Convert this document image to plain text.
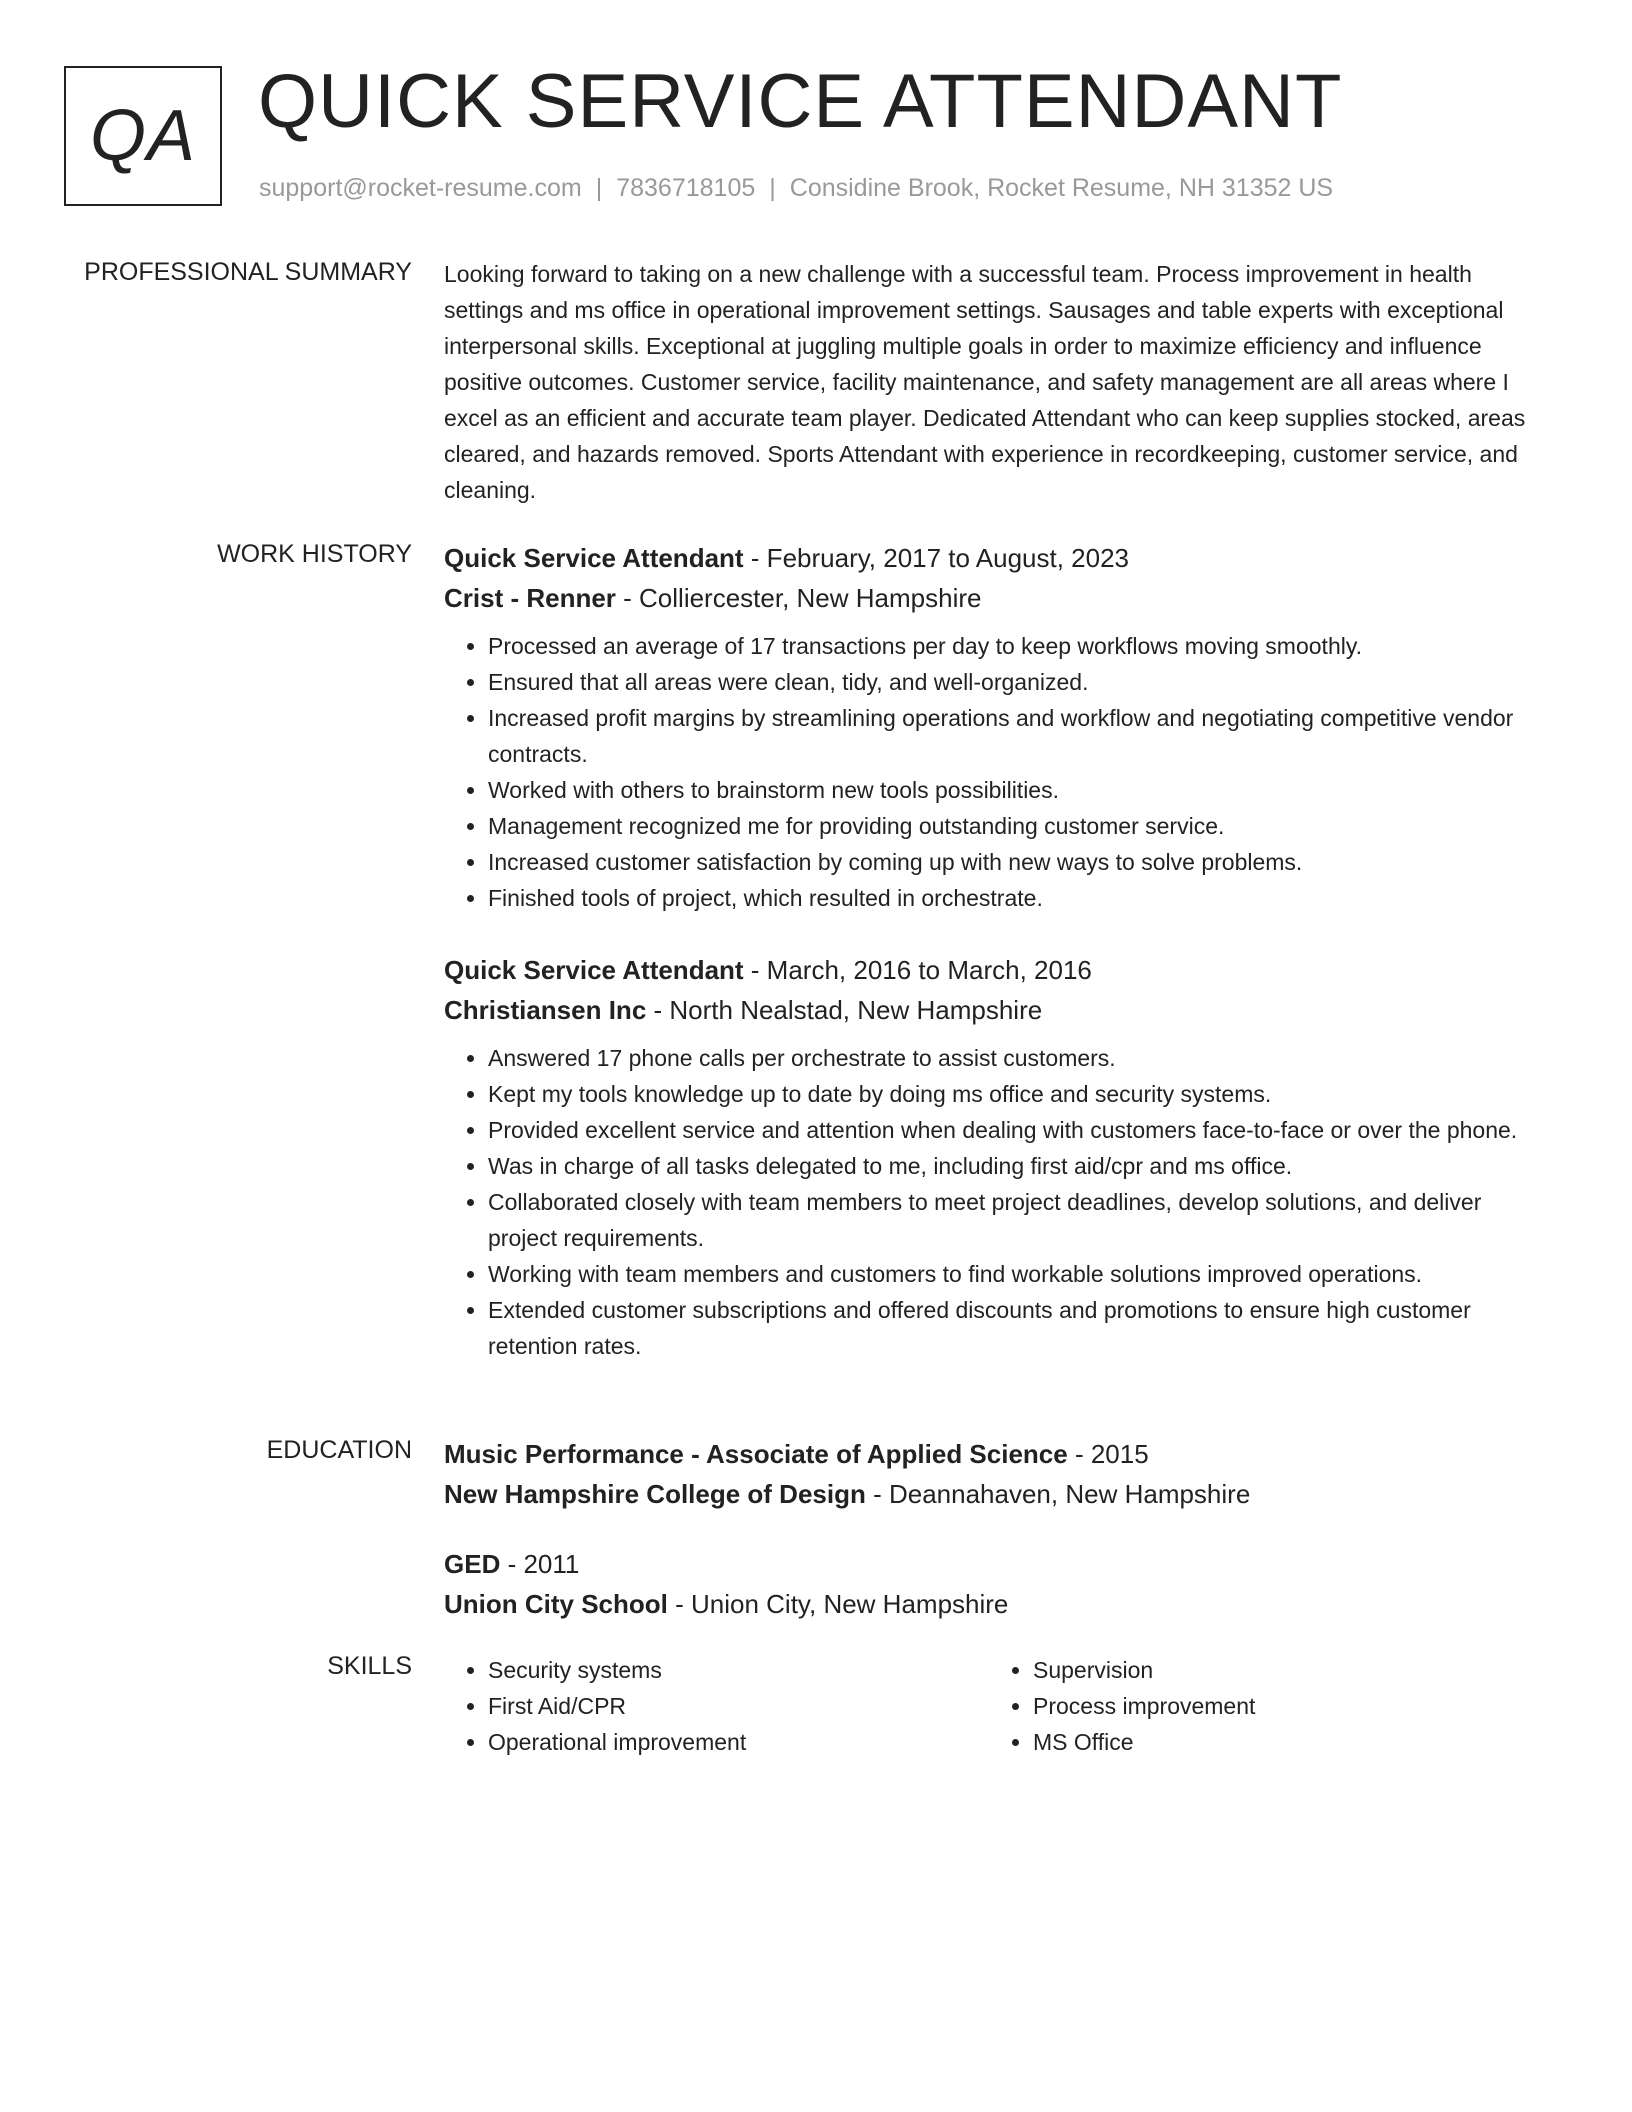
QA QUICK SERVICE ATTENDANT
support@rocket-resume.com | 7836718105 | Considine Brook, Rocket Resume, NH 31352 US
PROFESSIONAL SUMMARY Looking forward to taking on a new challenge with a successful team. Process improvement in health settings and ms office in operational improvement settings. Sausages and table experts with exceptional interpersonal skills. Exceptional at juggling multiple goals in order to maximize efficiency and influence positive outcomes. Customer service, facility maintenance, and safety management are all areas where I excel as an efficient and accurate team player. Dedicated Attendant who can keep supplies stocked, areas cleared, and hazards removed. Sports Attendant with experience in recordkeeping, customer service, and cleaning.

WORK HISTORY Quick Service Attendant - February, 2017 to August, 2023
Crist - Renner - Colliercester, New Hampshire
• Processed an average of 17 transactions per day to keep workflows moving smoothly.
• Ensured that all areas were clean, tidy, and well-organized.
• Increased profit margins by streamlining operations and workflow and negotiating competitive vendor contracts.
• Worked with others to brainstorm new tools possibilities.
• Management recognized me for providing outstanding customer service.
• Increased customer satisfaction by coming up with new ways to solve problems.
• Finished tools of project, which resulted in orchestrate.
Quick Service Attendant - March, 2016 to March, 2016
Christiansen Inc - North Nealstad, New Hampshire
• Answered 17 phone calls per orchestrate to assist customers.
• Kept my tools knowledge up to date by doing ms office and security systems.
• Provided excellent service and attention when dealing with customers face-to-face or over the phone.
• Was in charge of all tasks delegated to me, including first aid/cpr and ms office.
• Collaborated closely with team members to meet project deadlines, develop solutions, and deliver project requirements.
• Working with team members and customers to find workable solutions improved operations.
• Extended customer subscriptions and offered discounts and promotions to ensure high customer retention rates.
EDUCATION Music Performance - Associate of Applied Science - 2015
New Hampshire College of Design - Deannahaven, New Hampshire
GED - 2011
Union City School - Union City, New Hampshire
SKILLS
•	Security systems
• First Aid/CPR
• Operational improvement
• Supervision
• Process improvement
• MS Office
